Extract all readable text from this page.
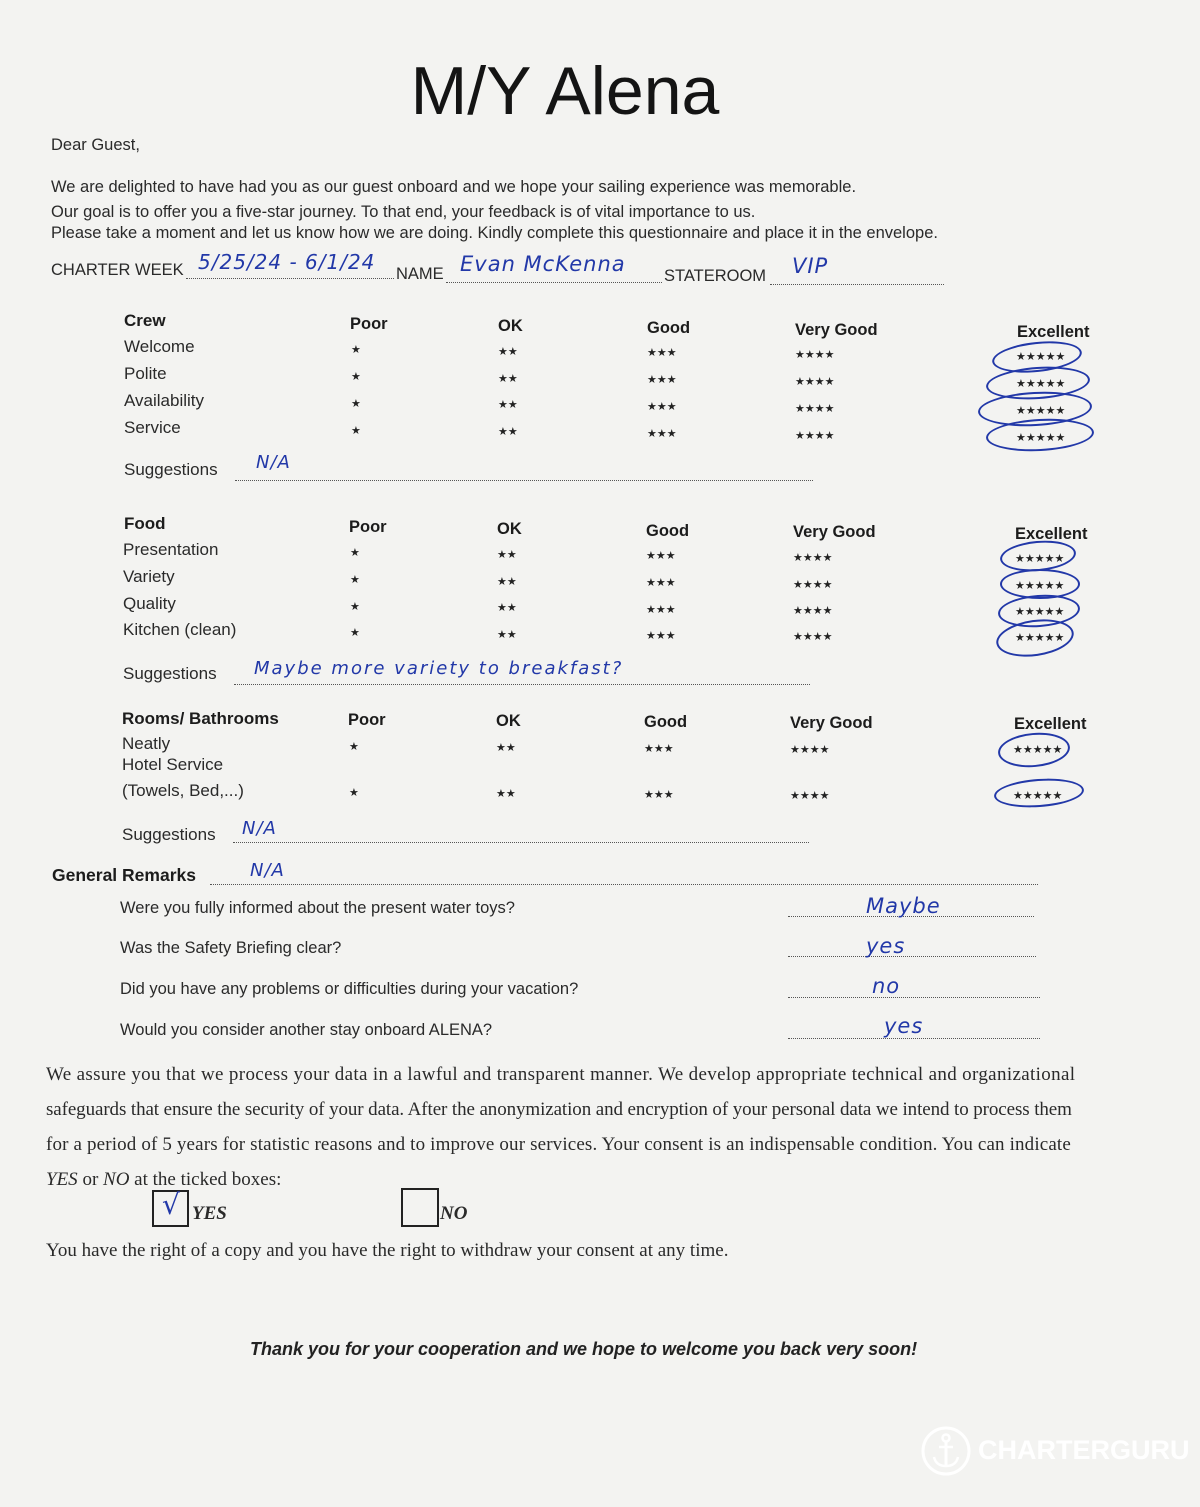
M/Y Alena
Dear Guest,
We are delighted to have had you as our guest onboard and we hope your sailing experience was memorable.
Our goal is to offer you a five-star journey. To that end, your feedback is of vital importance to us.
Please take a moment and let us know how we are doing. Kindly complete this questionnaire and place it in the envelope.
CHARTER WEEK 5/25/24 - 6/1/24 NAME Evan McKenna STATEROOM VIP
Crew	Poor	OK	Good	Very Good	Excellent
Welcome	★	★★	★★★	★★★★	★★★★★
Polite	★	★★	★★★	★★★★	★★★★★
Availability	★	★★	★★★	★★★★	★★★★★
Service	★	★★	★★★	★★★★	★★★★★
Suggestions N/A
Food	Poor	OK	Good	Very Good	Excellent
Presentation	★	★★	★★★	★★★★	★★★★★
Variety	★	★★	★★★	★★★★	★★★★★
Quality	★	★★	★★★	★★★★	★★★★★
Kitchen (clean)	★	★★	★★★	★★★★	★★★★★
Suggestions Maybe more variety to breakfast?
Rooms/ Bathrooms	Poor	OK	Good	Very Good	Excellent
Neatly	★	★★	★★★	★★★★	★★★★★
Hotel Service
(Towels, Bed,...)	★	★★	★★★	★★★★	★★★★★
Suggestions N/A
General Remarks	N/A
Were you fully informed about the present water toys?	Maybe
Was the Safety Briefing clear?	yes
Did you have any problems or difficulties during your vacation?	no
Would you consider another stay onboard ALENA?	yes
We assure you that we process your data in a lawful and transparent manner. We develop appropriate technical and organizational
safeguards that ensure the security of your data. After the anonymization and encryption of your personal data we intend to process them
for a period of 5 years for statistic reasons and to improve our services. Your consent is an indispensable condition. You can indicate
YES or NO at the ticked boxes:
√ YES	NO
You have the right of a copy and you have the right to withdraw your consent at any time.
Thank you for your cooperation and we hope to welcome you back very soon!
CHARTERGURU
